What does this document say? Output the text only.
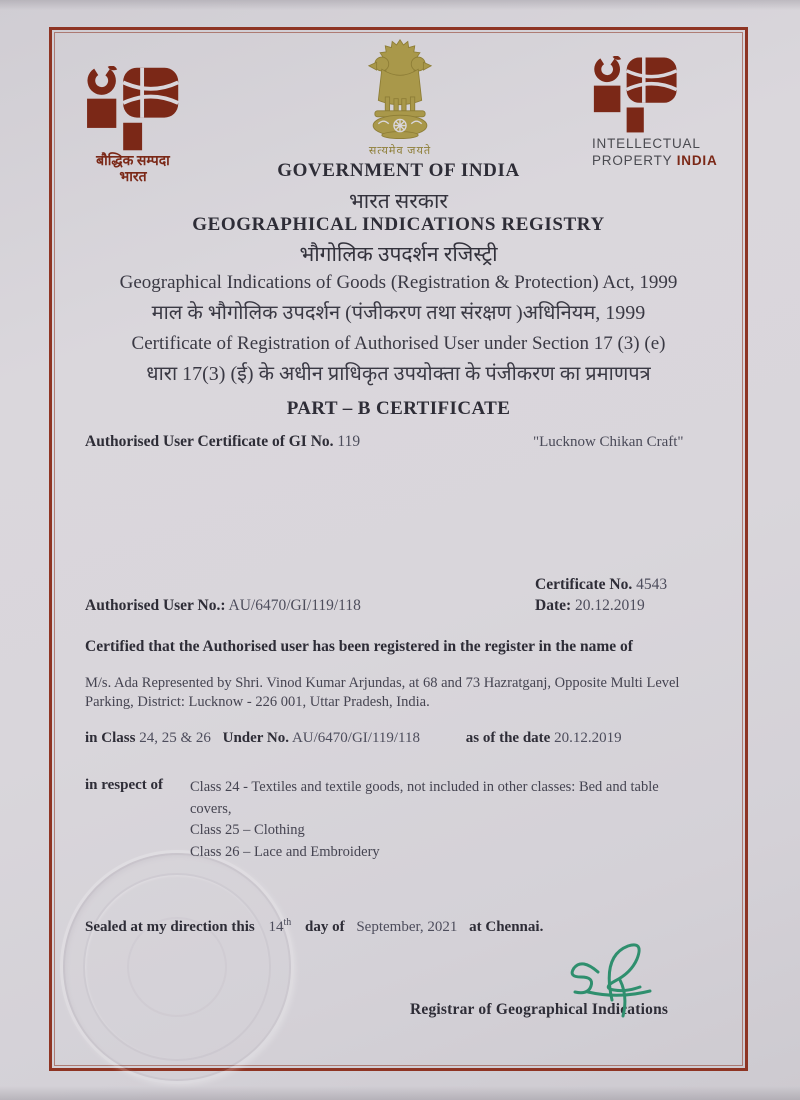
बौद्धिक सम्पदा
भारत
सत्यमेव जयते	INTELLECTUAL
PROPERTY INDIA
GOVERNMENT OF INDIA
भारत सरकार
GEOGRAPHICAL INDICATIONS REGISTRY
भौगोलिक उपदर्शन रजिस्ट्री
Geographical Indications of Goods (Registration & Protection) Act, 1999
माल के भौगोलिक उपदर्शन (पंजीकरण तथा संरक्षण )अधिनियम, 1999
Certificate of Registration of Authorised User under Section 17 (3) (e)
धारा 17(3) (ई) के अधीन प्राधिकृत उपयोक्ता के पंजीकरण का प्रमाणपत्र
PART – B CERTIFICATE
Authorised User Certificate of GI No. 119	"Lucknow Chikan Craft"
Certificate No. 4543
Authorised User No.: AU/6470/GI/119/118	Date: 20.12.2019
Certified that the Authorised user has been registered in the register in the name of
M/s. Ada Represented by Shri. Vinod Kumar Arjundas, at 68 and 73 Hazratganj, Opposite Multi Level Parking, District: Lucknow - 226 001, Uttar Pradesh, India.
in Class 24, 25 & 26 Under No. AU/6470/GI/119/118	as of the date 20.12.2019
in respect of Class 24 - Textiles and textile goods, not included in other classes: Bed and table covers,
Class 25 – Clothing
Class 26 – Lace and Embroidery
Sealed at my direction this 14th day of September, 2021 at Chennai.
Registrar of Geographical Indications
